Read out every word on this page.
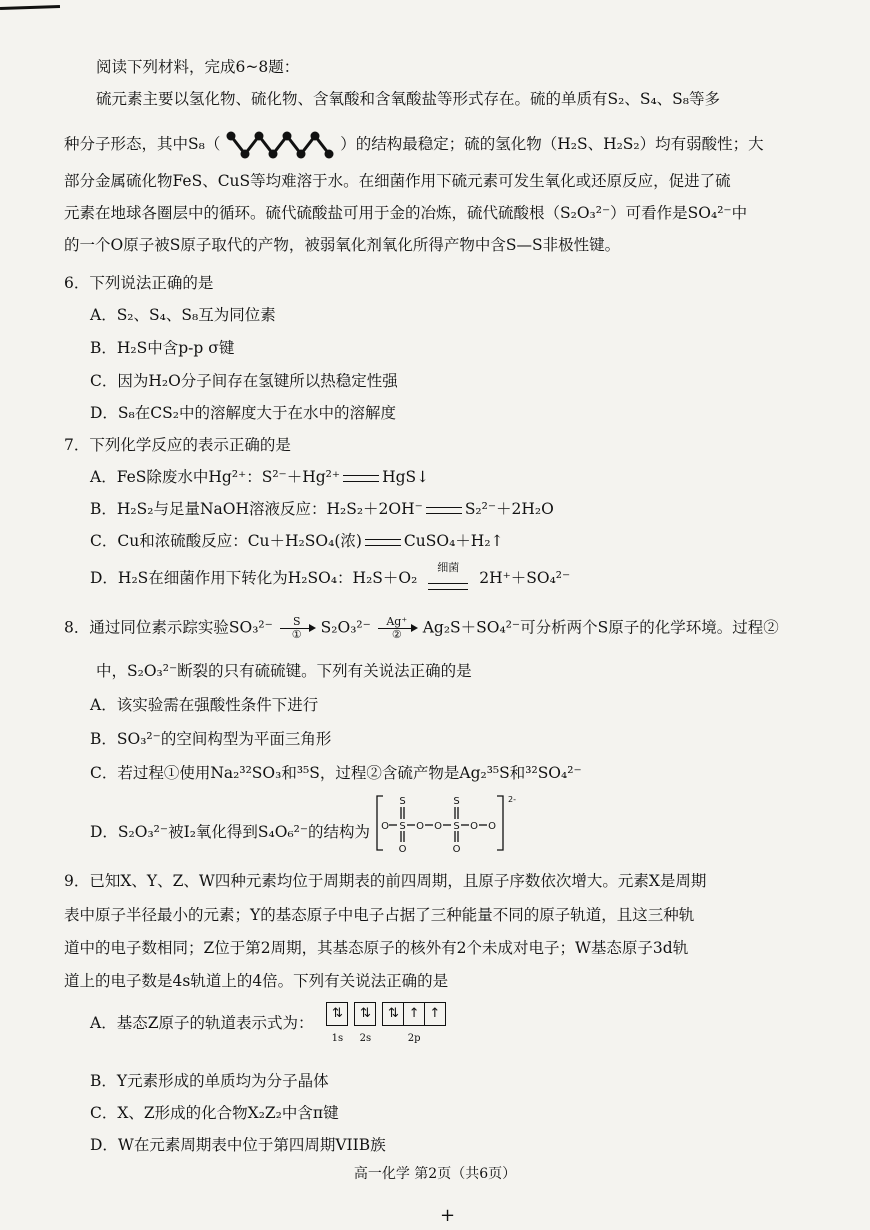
阅读下列材料，完成6~8题：
硫元素主要以氢化物、硫化物、含氧酸和含氧酸盐等形式存在。硫的单质有S₂、S₄、S₈等多
种分子形态，其中S₈（	）的结构最稳定；硫的氢化物（H₂S、H₂S₂）均有弱酸性；大
部分金属硫化物FeS、CuS等均难溶于水。在细菌作用下硫元素可发生氧化或还原反应，促进了硫
元素在地球各圈层中的循环。硫代硫酸盐可用于金的冶炼，硫代硫酸根（S₂O₃²⁻）可看作是SO₄²⁻中
的一个O原子被S原子取代的产物，被弱氧化剂氧化所得产物中含S—S非极性键。
6．下列说法正确的是
A．S₂、S₄、S₈互为同位素
B．H₂S中含p-p σ键
C．因为H₂O分子间存在氢键所以热稳定性强
D．S₈在CS₂中的溶解度大于在水中的溶解度
7．下列化学反应的表示正确的是
A．FeS除废水中Hg²⁺：S²⁻＋Hg²⁺	HgS↓
B．H₂S₂与足量NaOH溶液反应：H₂S₂＋2OH⁻	S₂²⁻＋2H₂O
C．Cu和浓硫酸反应：Cu＋H₂SO₄(浓)	CuSO₄＋H₂↑
D．H₂S在细菌作用下转化为H₂SO₄：H₂S＋O₂
细菌
2H⁺＋SO₄²⁻
8．通过同位素示踪实验SO₃²⁻	S
①	S₂O₃²⁻	Ag⁺
②	Ag₂S＋SO₄²⁻可分析两个S原子的化学环境。过程②
中，S₂O₃²⁻断裂的只有硫硫键。下列有关说法正确的是
A．该实验需在强酸性条件下进行
B．SO₃²⁻的空间构型为平面三角形
C．若过程①使用Na₂³²SO₃和³⁵S，过程②含硫产物是Ag₂³⁵S和³²SO₄²⁻
D．S₂O₃²⁻被I₂氧化得到S₄O₆²⁻的结构为 O
S
S
O
O O
S
S
O
O
O
2-
9．已知X、Y、Z、W四种元素均位于周期表的前四周期，且原子序数依次增大。元素X是周期
表中原子半径最小的元素；Y的基态原子中电子占据了三种能量不同的原子轨道，且这三种轨
道中的电子数相同；Z位于第2周期，其基态原子的核外有2个未成对电子；W基态原子3d轨
道上的电子数是4s轨道上的4倍。下列有关说法正确的是
A．基态Z原子的轨道表示式为：
⇅
1s
⇅
2s
⇅ ↑ ↑
2p
B．Y元素形成的单质均为分子晶体
C．X、Z形成的化合物X₂Z₂中含π键
D．W在元素周期表中位于第四周期VIIB族
高一化学 第2页（共6页）
+
